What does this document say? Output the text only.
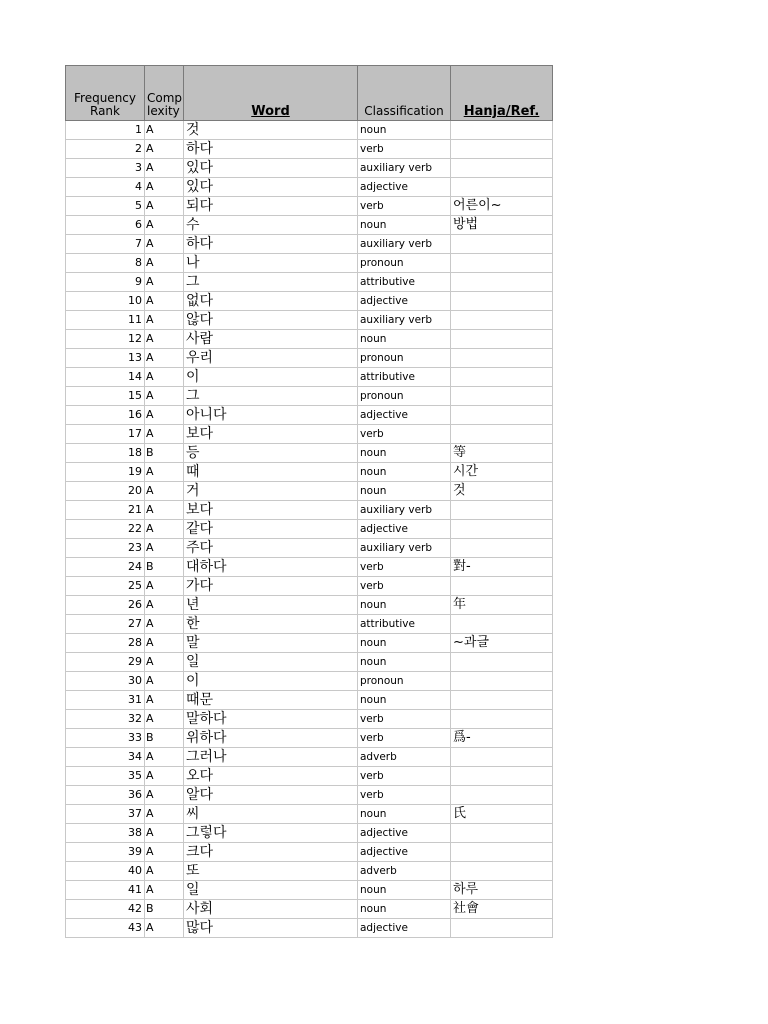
Frequency Rank	Comp lexity	Word	Classification	Hanja/Ref.
1	A	것	noun	
2	A	하다	verb	
3	A	있다	auxiliary verb	
4	A	있다	adjective	
5	A	되다	verb	어른이~
6	A	수	noun	방법
7	A	하다	auxiliary verb	
8	A	나	pronoun	
9	A	그	attributive	
10	A	없다	adjective	
11	A	않다	auxiliary verb	
12	A	사람	noun	
13	A	우리	pronoun	
14	A	이	attributive	
15	A	그	pronoun	
16	A	아니다	adjective	
17	A	보다	verb	
18	B	등	noun	等
19	A	때	noun	시간
20	A	거	noun	것
21	A	보다	auxiliary verb	
22	A	같다	adjective	
23	A	주다	auxiliary verb	
24	B	대하다	verb	對-
25	A	가다	verb	
26	A	년	noun	年
27	A	한	attributive	
28	A	말	noun	~과글
29	A	일	noun	
30	A	이	pronoun	
31	A	때문	noun	
32	A	말하다	verb	
33	B	위하다	verb	爲-
34	A	그러나	adverb	
35	A	오다	verb	
36	A	알다	verb	
37	A	씨	noun	氏
38	A	그렇다	adjective	
39	A	크다	adjective	
40	A	또	adverb	
41	A	일	noun	하루
42	B	사회	noun	社會
43	A	많다	adjective	
